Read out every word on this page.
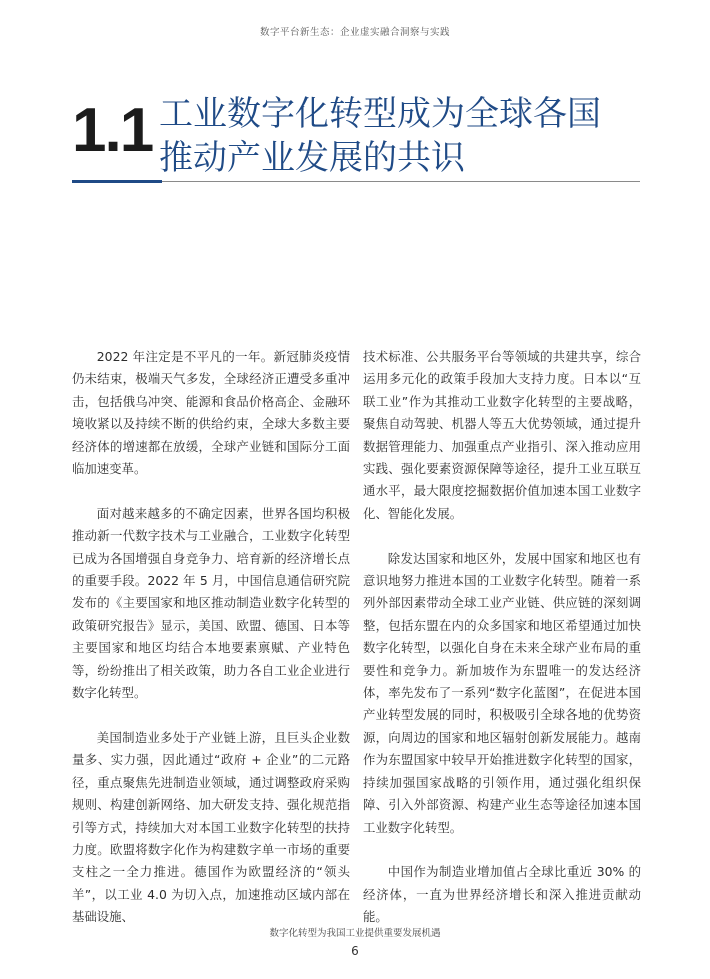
数字平台新生态：企业虚实融合洞察与实践
1.1 工业数字化转型成为全球各国
推动产业发展的共识

2022 年注定是不平凡的一年。新冠肺炎疫情仍未结束，极端天气多发，全球经济正遭受多重冲击，包括俄乌冲突、能源和食品价格高企、金融环境收紧以及持续不断的供给约束，全球大多数主要经济体的增速都在放缓，全球产业链和国际分工面临加速变革。

面对越来越多的不确定因素，世界各国均积极推动新一代数字技术与工业融合，工业数字化转型已成为各国增强自身竞争力、培育新的经济增长点的重要手段。2022 年 5 月，中国信息通信研究院发布的《主要国家和地区推动制造业数字化转型的政策研究报告》显示，美国、欧盟、德国、日本等主要国家和地区均结合本地要素禀赋、产业特色等，纷纷推出了相关政策，助力各自工业企业进行数字化转型。

美国制造业多处于产业链上游，且巨头企业数量多、实力强，因此通过“政府 + 企业”的二元路径，重点聚焦先进制造业领域，通过调整政府采购规则、构建创新网络、加大研发支持、强化规范指引等方式，持续加大对本国工业数字化转型的扶持力度。欧盟将数字化作为构建数字单一市场的重要支柱之一全力推进。德国作为欧盟经济的“领头羊”，以工业 4.0 为切入点，加速推动区域内部在基础设施、

技术标准、公共服务平台等领域的共建共享，综合运用多元化的政策手段加大支持力度。日本以“互联工业”作为其推动工业数字化转型的主要战略，聚焦自动驾驶、机器人等五大优势领域，通过提升数据管理能力、加强重点产业指引、深入推动应用实践、强化要素资源保障等途径，提升工业互联互通水平，最大限度挖掘数据价值加速本国工业数字化、智能化发展。

除发达国家和地区外，发展中国家和地区也有意识地努力推进本国的工业数字化转型。随着一系列外部因素带动全球工业产业链、供应链的深刻调整，包括东盟在内的众多国家和地区希望通过加快数字化转型，以强化自身在未来全球产业布局的重要性和竞争力。新加坡作为东盟唯一的发达经济体，率先发布了一系列“数字化蓝图”，在促进本国产业转型发展的同时，积极吸引全球各地的优势资源，向周边的国家和地区辐射创新发展能力。越南作为东盟国家中较早开始推进数字化转型的国家，持续加强国家战略的引领作用，通过强化组织保障、引入外部资源、构建产业生态等途径加速本国工业数字化转型。

中国作为制造业增加值占全球比重近 30% 的经济体，一直为世界经济增长和深入推进贡献动能。

数字化转型为我国工业提供重要发展机遇
6
